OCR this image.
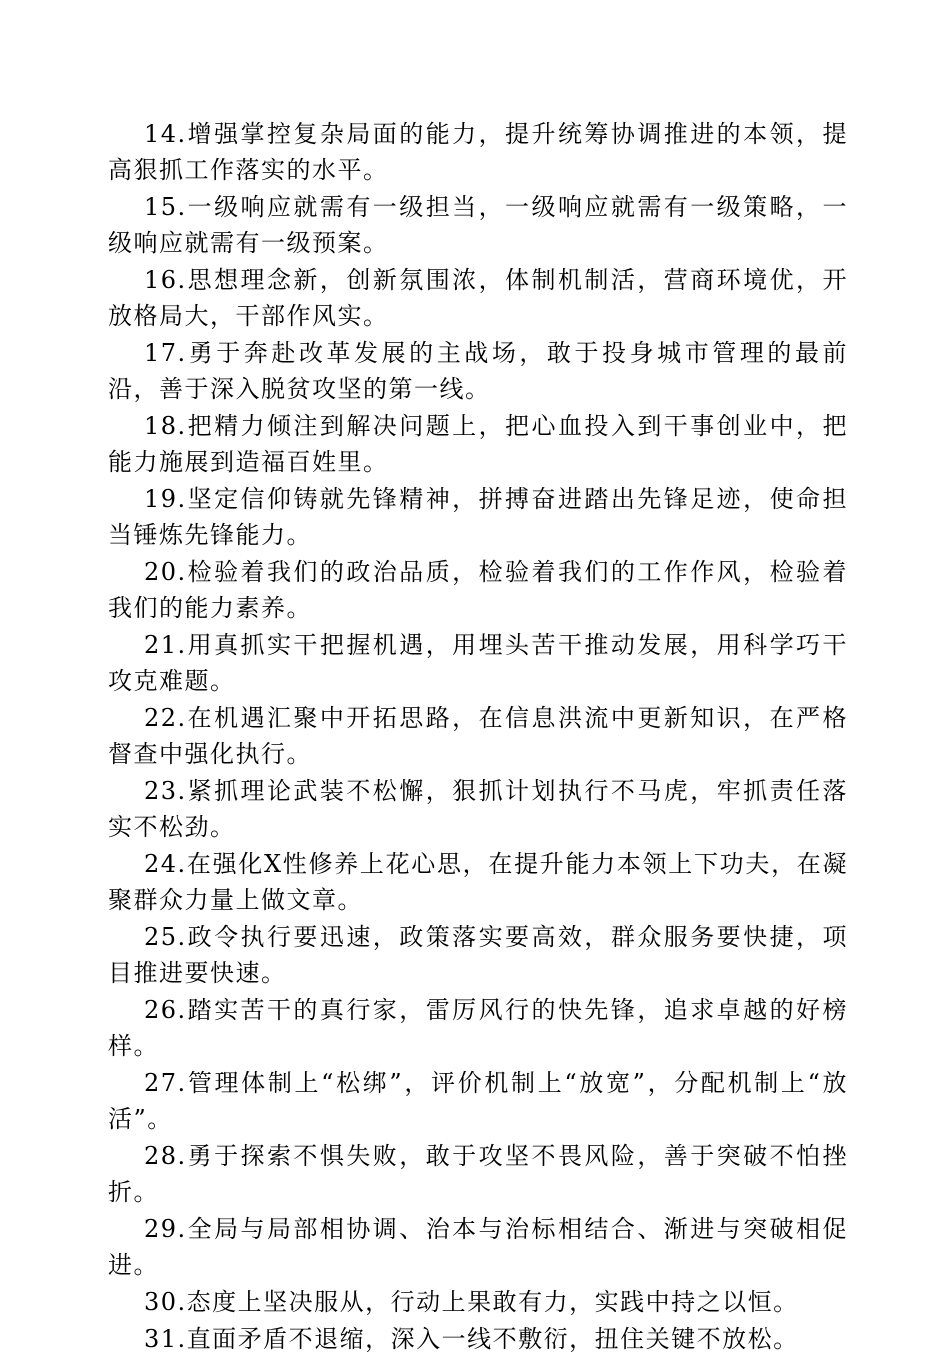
14.增强掌控复杂局面的能力，提升统筹协调推进的本领，提高狠抓工作落实的水平。

15.一级响应就需有一级担当，一级响应就需有一级策略，一级响应就需有一级预案。

16.思想理念新，创新氛围浓，体制机制活，营商环境优，开放格局大，干部作风实。

17.勇于奔赴改革发展的主战场，敢于投身城市管理的最前沿，善于深入脱贫攻坚的第一线。

18.把精力倾注到解决问题上，把心血投入到干事创业中，把能力施展到造福百姓里。

19.坚定信仰铸就先锋精神，拼搏奋进踏出先锋足迹，使命担当锤炼先锋能力。

20.检验着我们的政治品质，检验着我们的工作作风，检验着我们的能力素养。

21.用真抓实干把握机遇，用埋头苦干推动发展，用科学巧干攻克难题。

22.在机遇汇聚中开拓思路，在信息洪流中更新知识，在严格督查中强化执行。

23.紧抓理论武装不松懈，狠抓计划执行不马虎，牢抓责任落实不松劲。

24.在强化X性修养上花心思，在提升能力本领上下功夫，在凝聚群众力量上做文章。

25.政令执行要迅速，政策落实要高效，群众服务要快捷，项目推进要快速。

26.踏实苦干的真行家，雷厉风行的快先锋，追求卓越的好榜样。

27.管理体制上“松绑”，评价机制上“放宽”，分配机制上“放活”。

28.勇于探索不惧失败，敢于攻坚不畏风险，善于突破不怕挫折。

29.全局与局部相协调、治本与治标相结合、渐进与突破相促进。

30.态度上坚决服从，行动上果敢有力，实践中持之以恒。

31.直面矛盾不退缩，深入一线不敷衍，扭住关键不放松。
